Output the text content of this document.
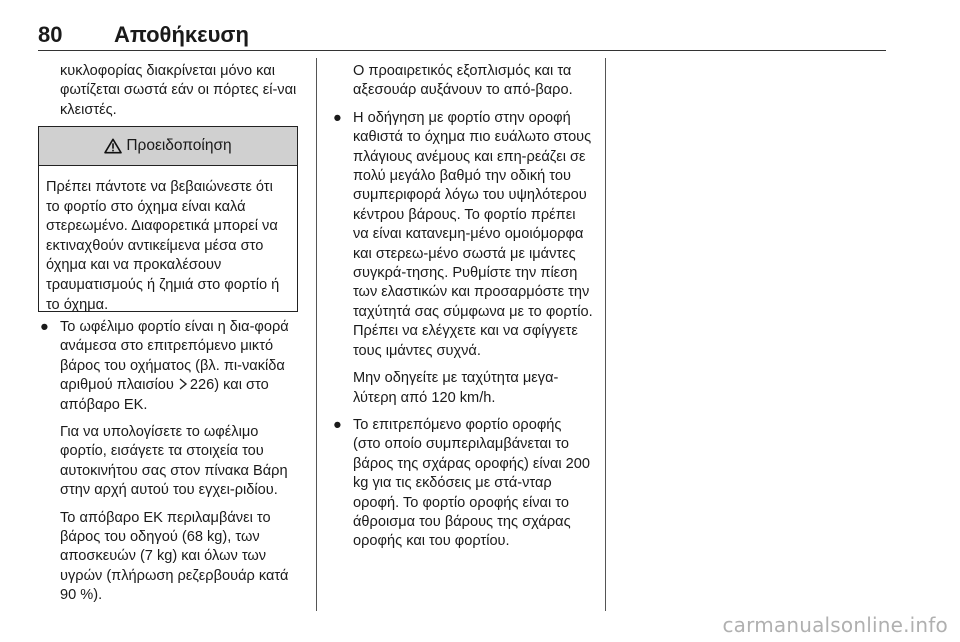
80 Αποθήκευση

κυκλοφορίας διακρίνεται μόνο και φωτίζεται σωστά εάν οι πόρτες εί-ναι κλειστές.

Προειδοποίηση
Πρέπει πάντοτε να βεβαιώνεστε ότι το φορτίο στο όχημα είναι καλά στερεωμένο. Διαφορετικά μπορεί να εκτιναχθούν αντικείμενα μέσα στο όχημα και να προκαλέσουν τραυματισμούς ή ζημιά στο φορτίο ή το όχημα.
● Το ωφέλιμο φορτίο είναι η δια-φορά ανάμεσα στο επιτρεπόμενο μικτό βάρος του οχήματος (βλ. πι-νακίδα αριθμού πλαισίου 226) και στο απόβαρο ΕΚ.

Για να υπολογίσετε το ωφέλιμο φορτίο, εισάγετε τα στοιχεία του αυτοκινήτου σας στον πίνακα Βάρη στην αρχή αυτού του εγχει-ριδίου.

Το απόβαρο ΕΚ περιλαμβάνει το βάρος του οδηγού (68 kg), των αποσκευών (7 kg) και όλων των υγρών (πλήρωση ρεζερβουάρ κατά 90 %).

Ο προαιρετικός εξοπλισμός και τα αξεσουάρ αυξάνουν το από-βαρο.

● Η οδήγηση με φορτίο στην οροφή καθιστά το όχημα πιο ευάλωτο στους πλάγιους ανέμους και επη-ρεάζει σε πολύ μεγάλο βαθμό την οδική του συμπεριφορά λόγω του υψηλότερου κέντρου βάρους. Το φορτίο πρέπει να είναι κατανεμη-μένο ομοιόμορφα και στερεω-μένο σωστά με ιμάντες συγκρά-τησης. Ρυθμίστε την πίεση των ελαστικών και προσαρμόστε την ταχύτητά σας σύμφωνα με το φορτίο. Πρέπει να ελέγχετε και να σφίγγετε τους ιμάντες συχνά.

Μην οδηγείτε με ταχύτητα μεγα-λύτερη από 120 km/h.

● Το επιτρεπόμενο φορτίο οροφής (στο οποίο συμπεριλαμβάνεται το βάρος της σχάρας οροφής) είναι 200 kg για τις εκδόσεις με στά-νταρ οροφή. Το φορτίο οροφής είναι το άθροισμα του βάρους της σχάρας οροφής και του φορτίου.

carmanualsonline.info
